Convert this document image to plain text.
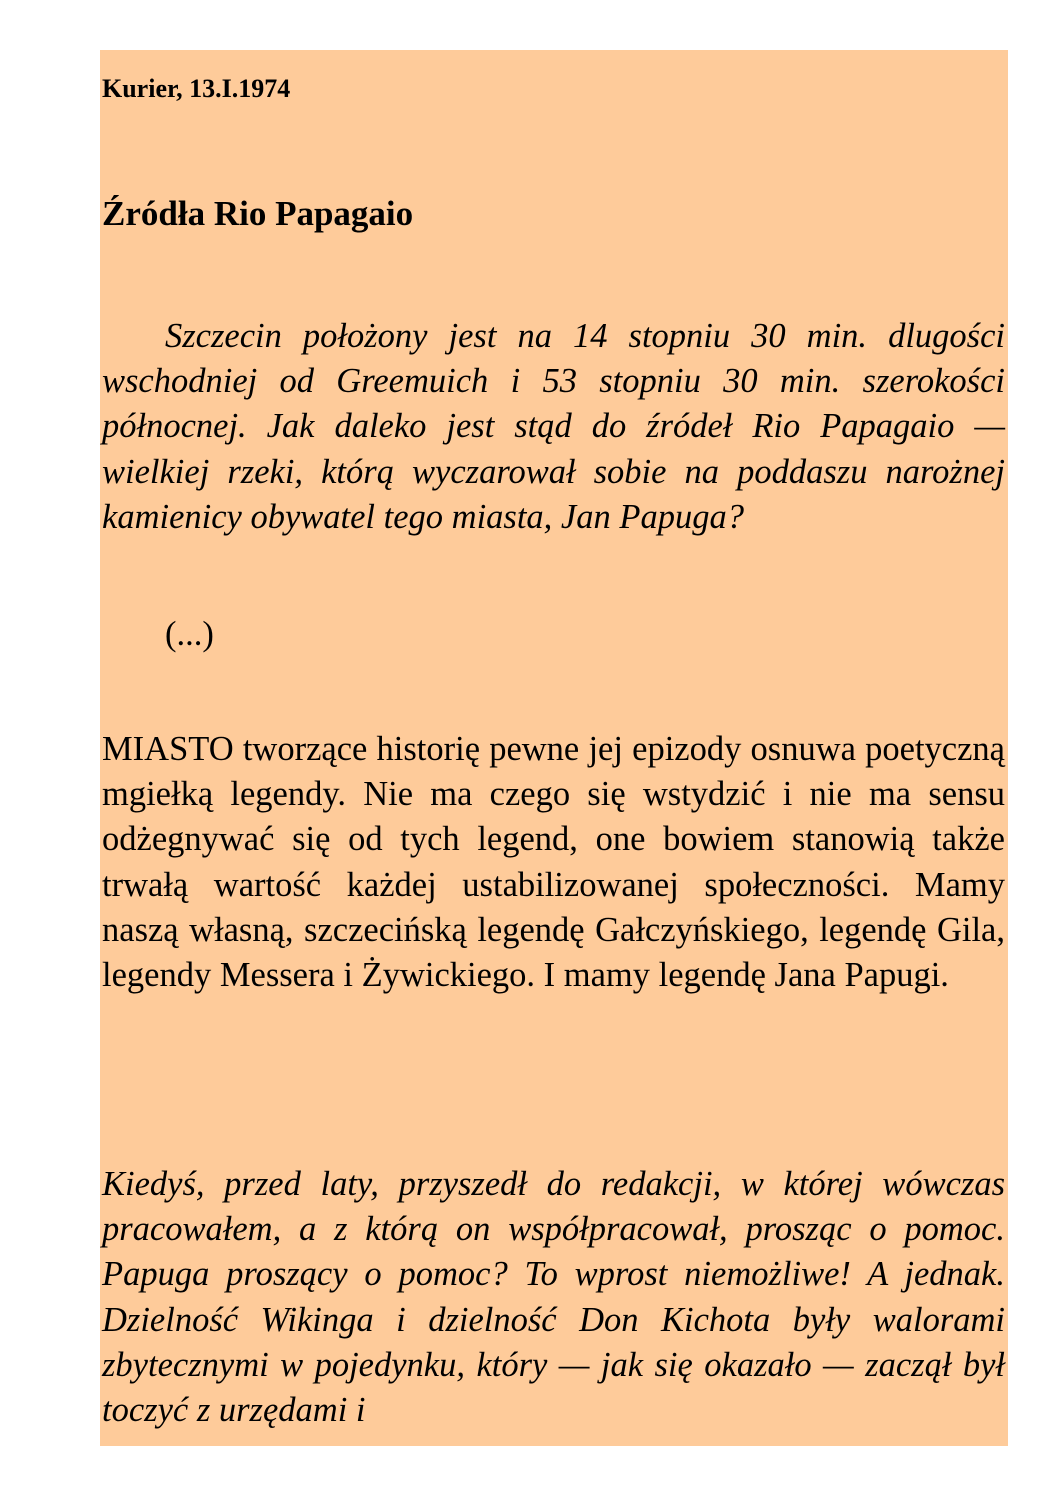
Kurier, 13.I.1974

Źródła Rio Papagaio

Szczecin położony jest na 14 stopniu 30 min. dlugości wschodniej od Greemuich i 53 stopniu 30 min. szerokości północnej. Jak daleko jest stąd do źródeł Rio Papagaio — wielkiej rzeki, którą wyczarował sobie na poddaszu narożnej kamienicy obywatel tego miasta, Jan Papuga?

(...)

MIASTO tworzące historię pewne jej epizody osnuwa poetyczną mgiełką legendy. Nie ma czego się wstydzić i nie ma sensu odżegnywać się od tych legend, one bowiem stanowią także trwałą wartość każdej ustabilizowanej społeczności. Mamy naszą własną, szczecińską legendę Gałczyńskiego, legendę Gila, legendy Messera i Żywickiego. I mamy legendę Jana Papugi.

Kiedyś, przed laty, przyszedł do redakcji, w której wówczas pracowałem, a z którą on współpracował, prosząc o pomoc. Papuga proszący o pomoc? To wprost niemożliwe! A jednak. Dzielność Wikinga i dzielność Don Kichota były walorami zbytecznymi w pojedynku, który — jak się okazało — zaczął był toczyć z urzędami i
